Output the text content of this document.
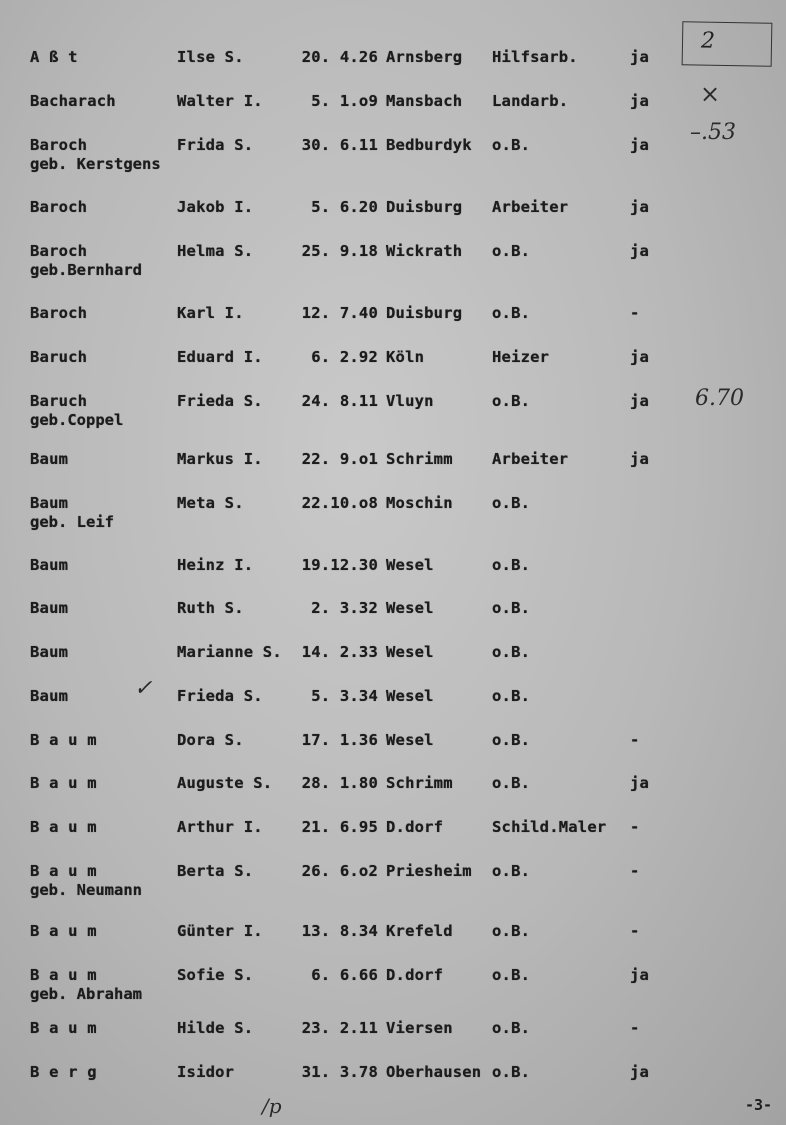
2
×
–.53
6.70
✓
/p	-3-
A ß t	Ilse S.	20. 4.26 Arnsberg Hilfsarb.	ja
Bacharach	Walter I.	5. 1.o9 Mansbach Landarb.	ja
Baroch	Frida S.	30. 6.11 Bedburdyk o.B.	ja
geb. Kerstgens
Baroch	Jakob I.	5. 6.20 Duisburg Arbeiter	ja
Baroch	Helma S.	25. 9.18 Wickrath o.B.	ja
geb.Bernhard
Baroch	Karl I.	12. 7.40 Duisburg o.B.	-
Baruch	Eduard I.	6. 2.92 Köln	Heizer	ja
Baruch	Frieda S.	24. 8.11 Vluyn	o.B.	ja
geb.Coppel
Baum	Markus I.	22. 9.o1 Schrimm	Arbeiter	ja
Baum	Meta S.	22.10.o8 Moschin	o.B.
geb. Leif
Baum	Heinz I.	19.12.30 Wesel	o.B.
Baum	Ruth S.	2. 3.32 Wesel	o.B.
Baum	Marianne S.	14. 2.33 Wesel	o.B.
Baum	Frieda S.	5. 3.34 Wesel	o.B.
B a u m	Dora S.	17. 1.36 Wesel	o.B.	-
B a u m	Auguste S.	28. 1.80 Schrimm	o.B.	ja
B a u m	Arthur I.	21. 6.95 D.dorf	Schild.Maler -
B a u m	Berta S.	26. 6.o2 Priesheim o.B.	-
geb. Neumann
B a u m	Günter I.	13. 8.34 Krefeld	o.B.	-
B a u m	Sofie S.	6. 6.66 D.dorf	o.B.	ja
geb. Abraham
B a u m	Hilde S.	23. 2.11 Viersen	o.B.	-
B e r g	Isidor	31. 3.78 Oberhausen o.B.	ja
